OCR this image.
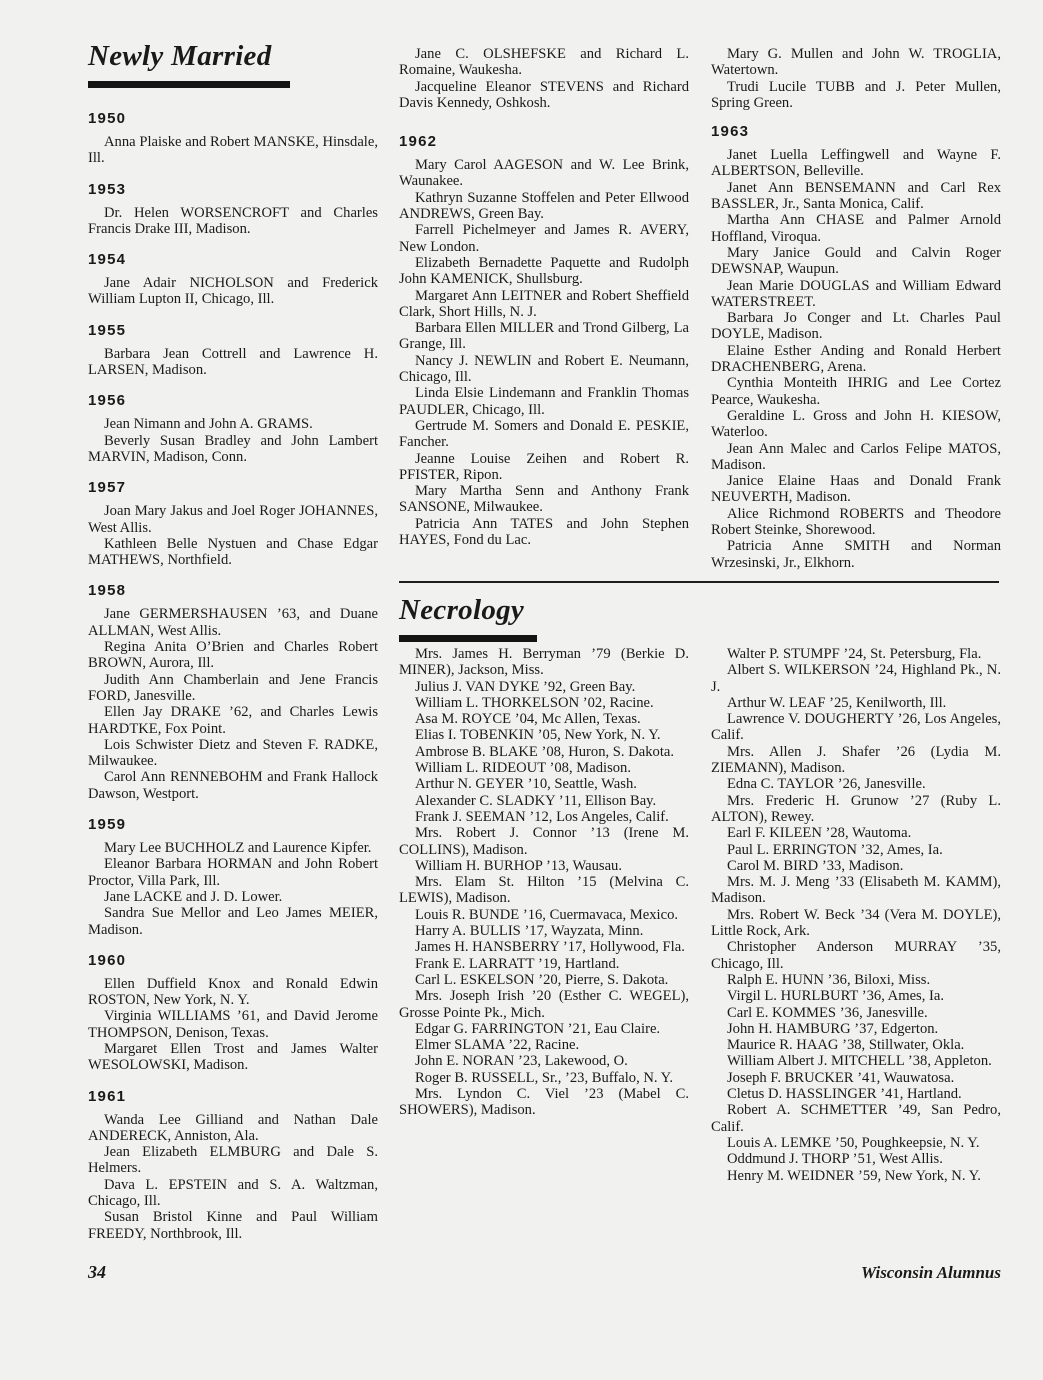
Newly Married

1950

Anna Plaiske and Robert MANSKE, Hinsdale, Ill.

1953

Dr. Helen WORSENCROFT and Charles Francis Drake III, Madison.

1954

Jane Adair NICHOLSON and Frederick William Lupton II, Chicago, Ill.

1955

Barbara Jean Cottrell and Lawrence H. LARSEN, Madison.

1956

Jean Nimann and John A. GRAMS.

Beverly Susan Bradley and John Lambert MARVIN, Madison, Conn.

1957

Joan Mary Jakus and Joel Roger JOHANNES, West Allis.

Kathleen Belle Nystuen and Chase Edgar MATHEWS, Northfield.

1958

Jane GERMERSHAUSEN ’63, and Duane ALLMAN, West Allis.

Regina Anita O’Brien and Charles Robert BROWN, Aurora, Ill.

Judith Ann Chamberlain and Jene Francis FORD, Janesville.

Ellen Jay DRAKE ’62, and Charles Lewis HARDTKE, Fox Point.

Lois Schwister Dietz and Steven F. RADKE, Milwaukee.

Carol Ann RENNEBOHM and Frank Hallock Dawson, Westport.

1959

Mary Lee BUCHHOLZ and Laurence Kipfer.

Eleanor Barbara HORMAN and John Robert Proctor, Villa Park, Ill.

Jane LACKE and J. D. Lower.

Sandra Sue Mellor and Leo James MEIER, Madison.

1960

Ellen Duffield Knox and Ronald Edwin ROSTON, New York, N. Y.

Virginia WILLIAMS ’61, and David Jerome THOMPSON, Denison, Texas.

Margaret Ellen Trost and James Walter WESOLOWSKI, Madison.

1961

Wanda Lee Gilliand and Nathan Dale ANDERECK, Anniston, Ala.

Jean Elizabeth ELMBURG and Dale S. Helmers.

Dava L. EPSTEIN and S. A. Waltzman, Chicago, Ill.

Susan Bristol Kinne and Paul William FREEDY, Northbrook, Ill.

Jane C. OLSHEFSKE and Richard L. Romaine, Waukesha.

Jacqueline Eleanor STEVENS and Richard Davis Kennedy, Oshkosh.

1962

Mary Carol AAGESON and W. Lee Brink, Waunakee.

Kathryn Suzanne Stoffelen and Peter Ellwood ANDREWS, Green Bay.

Farrell Pichelmeyer and James R. AVERY, New London.

Elizabeth Bernadette Paquette and Rudolph John KAMENICK, Shullsburg.

Margaret Ann LEITNER and Robert Sheffield Clark, Short Hills, N. J.

Barbara Ellen MILLER and Trond Gilberg, La Grange, Ill.

Nancy J. NEWLIN and Robert E. Neumann, Chicago, Ill.

Linda Elsie Lindemann and Franklin Thomas PAUDLER, Chicago, Ill.

Gertrude M. Somers and Donald E. PESKIE, Fancher.

Jeanne Louise Zeihen and Robert R. PFISTER, Ripon.

Mary Martha Senn and Anthony Frank SANSONE, Milwaukee.

Patricia Ann TATES and John Stephen HAYES, Fond du Lac.

Mary G. Mullen and John W. TROGLIA, Watertown.

Trudi Lucile TUBB and J. Peter Mullen, Spring Green.

1963

Janet Luella Leffingwell and Wayne F. ALBERTSON, Belleville.

Janet Ann BENSEMANN and Carl Rex BASSLER, Jr., Santa Monica, Calif.

Martha Ann CHASE and Palmer Arnold Hoffland, Viroqua.

Mary Janice Gould and Calvin Roger DEWSNAP, Waupun.

Jean Marie DOUGLAS and William Edward WATERSTREET.

Barbara Jo Conger and Lt. Charles Paul DOYLE, Madison.

Elaine Esther Anding and Ronald Herbert DRACHENBERG, Arena.

Cynthia Monteith IHRIG and Lee Cortez Pearce, Waukesha.

Geraldine L. Gross and John H. KIESOW, Waterloo.

Jean Ann Malec and Carlos Felipe MATOS, Madison.

Janice Elaine Haas and Donald Frank NEUVERTH, Madison.

Alice Richmond ROBERTS and Theodore Robert Steinke, Shorewood.

Patricia Anne SMITH and Norman Wrzesinski, Jr., Elkhorn.

Necrology

Mrs. James H. Berryman ’79 (Berkie D. MINER), Jackson, Miss.

Julius J. VAN DYKE ’92, Green Bay.

William L. THORKELSON ’02, Racine.

Asa M. ROYCE ’04, Mc Allen, Texas.

Elias I. TOBENKIN ’05, New York, N. Y.

Ambrose B. BLAKE ’08, Huron, S. Dakota.

William L. RIDEOUT ’08, Madison.

Arthur N. GEYER ’10, Seattle, Wash.

Alexander C. SLADKY ’11, Ellison Bay.

Frank J. SEEMAN ’12, Los Angeles, Calif.

Mrs. Robert J. Connor ’13 (Irene M. COLLINS), Madison.

William H. BURHOP ’13, Wausau.

Mrs. Elam St. Hilton ’15 (Melvina C. LEWIS), Madison.

Louis R. BUNDE ’16, Cuermavaca, Mexico.

Harry A. BULLIS ’17, Wayzata, Minn.

James H. HANSBERRY ’17, Hollywood, Fla.

Frank E. LARRATT ’19, Hartland.

Carl L. ESKELSON ’20, Pierre, S. Dakota.

Mrs. Joseph Irish ’20 (Esther C. WEGEL), Grosse Pointe Pk., Mich.

Edgar G. FARRINGTON ’21, Eau Claire.

Elmer SLAMA ’22, Racine.

John E. NORAN ’23, Lakewood, O.

Roger B. RUSSELL, Sr., ’23, Buffalo, N. Y.

Mrs. Lyndon C. Viel ’23 (Mabel C. SHOWERS), Madison.

Walter P. STUMPF ’24, St. Petersburg, Fla.

Albert S. WILKERSON ’24, Highland Pk., N. J.

Arthur W. LEAF ’25, Kenilworth, Ill.

Lawrence V. DOUGHERTY ’26, Los Angeles, Calif.

Mrs. Allen J. Shafer ’26 (Lydia M. ZIEMANN), Madison.

Edna C. TAYLOR ’26, Janesville.

Mrs. Frederic H. Grunow ’27 (Ruby L. ALTON), Rewey.

Earl F. KILEEN ’28, Wautoma.

Paul L. ERRINGTON ’32, Ames, Ia.

Carol M. BIRD ’33, Madison.

Mrs. M. J. Meng ’33 (Elisabeth M. KAMM), Madison.

Mrs. Robert W. Beck ’34 (Vera M. DOYLE), Little Rock, Ark.

Christopher Anderson MURRAY ’35, Chicago, Ill.

Ralph E. HUNN ’36, Biloxi, Miss.

Virgil L. HURLBURT ’36, Ames, Ia.

Carl E. KOMMES ’36, Janesville.

John H. HAMBURG ’37, Edgerton.

Maurice R. HAAG ’38, Stillwater, Okla.

William Albert J. MITCHELL ’38, Appleton.

Joseph F. BRUCKER ’41, Wauwatosa.

Cletus D. HASSLINGER ’41, Hartland.

Robert A. SCHMETTER ’49, San Pedro, Calif.

Louis A. LEMKE ’50, Poughkeepsie, N. Y.

Oddmund J. THORP ’51, West Allis.

Henry M. WEIDNER ’59, New York, N. Y.

34	Wisconsin Alumnus
